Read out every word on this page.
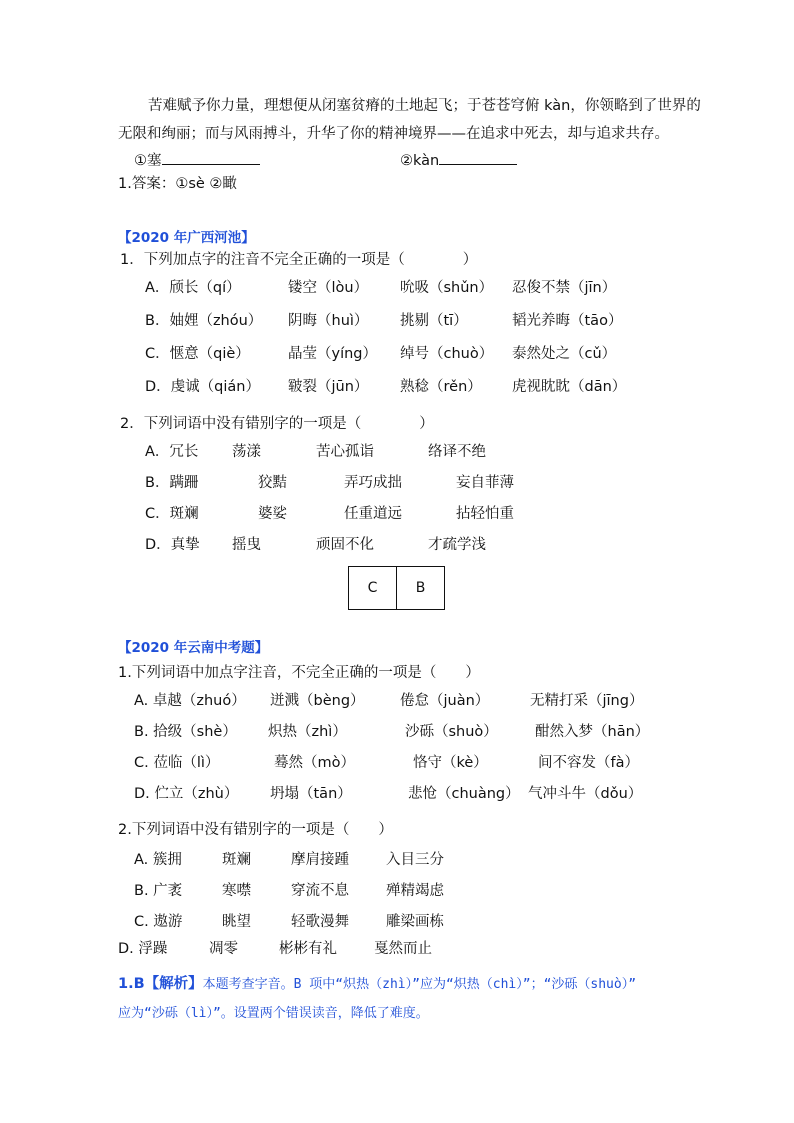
苦难赋予你力量，理想便从闭塞贫瘠的土地起飞；于苍苍穹俯 kàn，你领略到了世界的
无限和绚丽；而与风雨搏斗，升华了你的精神境界——在追求中死去，却与追求共存。
①塞	②kàn
1.答案：①sè ②瞰
【2020 年广西河池】
1．下列加点字的注音不完全正确的一项是（　　　　）
A．颀长（qí）	镂空（lòu） 吮吸（shǔn） 忍俊不禁（jīn）
B．妯娌（zhóu） 阴晦（huì） 挑剔（tī）	韬光养晦（tāo）
C．惬意（qiè）	晶莹（yíng） 绰号（chuò） 泰然处之（cǔ）
D．虔诚（qián） 皲裂（jūn） 熟稔（rěn） 虎视眈眈（dān）
2．下列词语中没有错别字的一项是（　　　　）
A．冗长 荡漾	苦心孤诣	络译不绝
B．蹒跚	狡黠	弄巧成拙	妄自菲薄
C．斑斓	婆娑	任重道远	拈轻怕重
D．真挚 摇曳	顽固不化	才疏学浅
C	B
【2020 年云南中考题】
1.下列词语中加点字注音，不完全正确的一项是（　　）
A. 卓越（zhuó） 迸溅（bèng） 倦怠（juàn）	无精打采（jīng）
B. 拾级（shè） 炽热（zhì）	沙砾（shuò）	酣然入梦（hān）
C. 莅临（lì）	蓦然（mò）	恪守（kè）	间不容发（fà）
D. 伫立（zhù） 坍塌（tān）	悲怆（chuàng） 气冲斗牛（dǒu）
2.下列词语中没有错别字的一项是（　　）
A. 簇拥	斑斓	摩肩接踵	入目三分
B. 广袤	寒噤	穿流不息	殚精竭虑
C. 遨游	眺望	轻歌漫舞	雕梁画栋
D. 浮躁	凋零	彬彬有礼	戛然而止
1.B【解析】本题考查字音。B 项中“炽热（zhì）”应为“炽热（chì）”；“沙砾（shuò）”
应为“沙砾（lì）”。设置两个错误读音，降低了难度。
